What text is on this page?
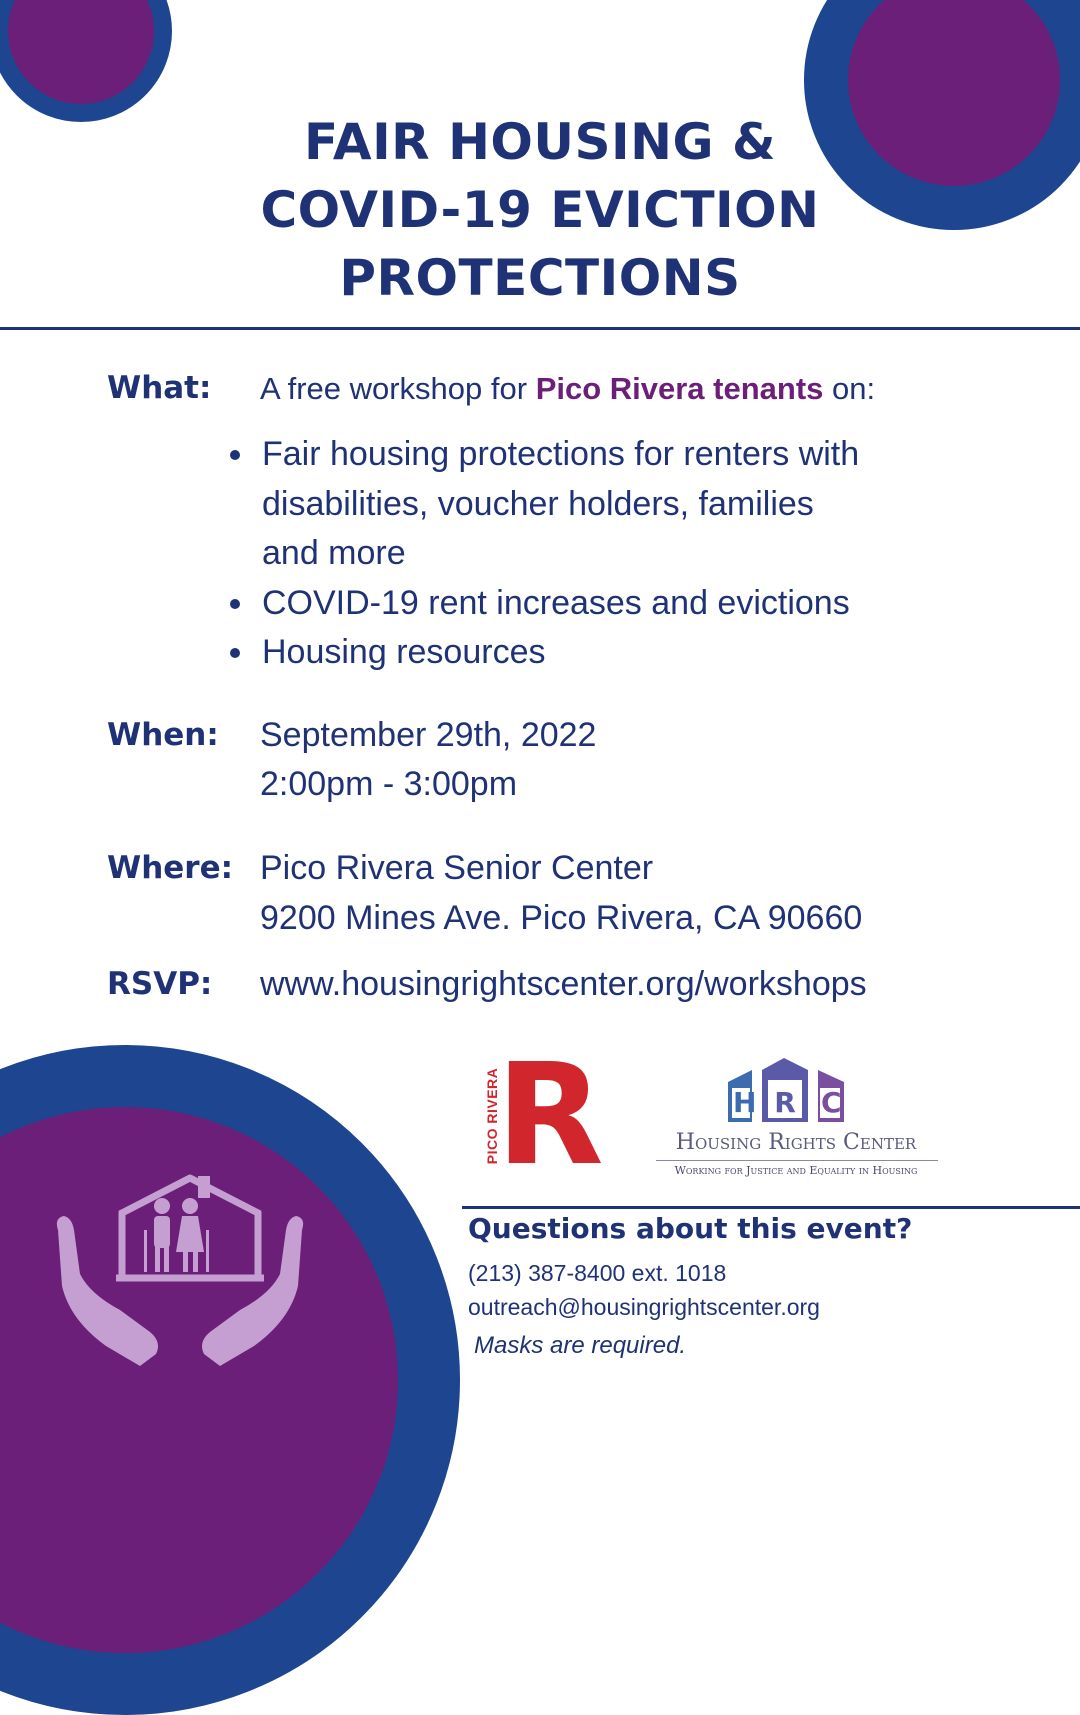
FAIR HOUSING &
COVID-19 EVICTION
PROTECTIONS
What: A free workshop for Pico Rivera tenants on:
Fair housing protections for renters with
disabilities, voucher holders, families
and more
COVID-19 rent increases and evictions
Housing resources
When: September 29th, 2022
2:00pm - 3:00pm
Where: Pico Rivera Senior Center
9200 Mines Ave. Pico Rivera, CA 90660
RSVP: www.housingrightscenter.org/workshops
PICO RIVERA
R	H R C
Housing Rights Center
Working for Justice and Equality in Housing
Questions about this event?
(213) 387-8400 ext. 1018
outreach@housingrightscenter.org
Masks are required.
